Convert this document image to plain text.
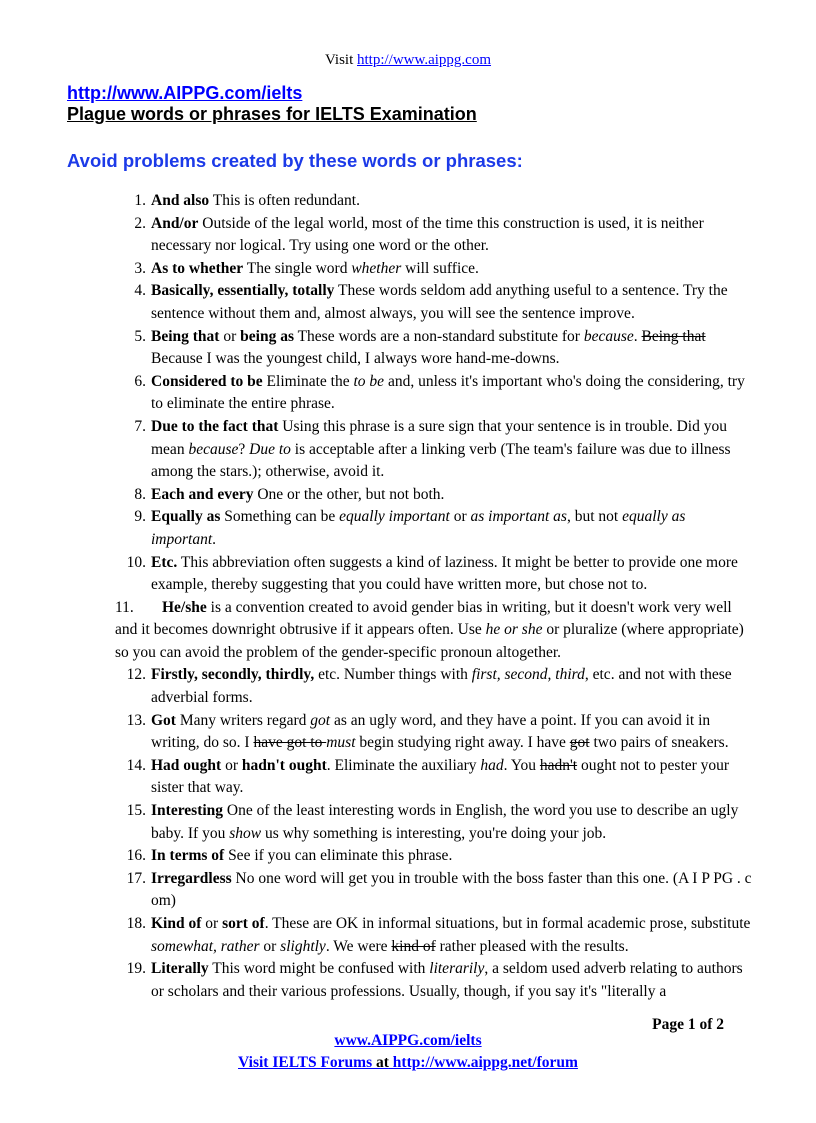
Visit http://www.aippg.com
http://www.AIPPG.com/ielts
Plague words or phrases for IELTS Examination
Avoid problems created by these words or phrases:
1. And also This is often redundant.
2. And/or Outside of the legal world, most of the time this construction is used, it is neither necessary nor logical. Try using one word or the other.
3. As to whether The single word whether will suffice.
4. Basically, essentially, totally These words seldom add anything useful to a sentence. Try the sentence without them and, almost always, you will see the sentence improve.
5. Being that or being as These words are a non-standard substitute for because. Being that Because I was the youngest child, I always wore hand-me-downs.
6. Considered to be Eliminate the to be and, unless it's important who's doing the considering, try to eliminate the entire phrase.
7. Due to the fact that Using this phrase is a sure sign that your sentence is in trouble. Did you mean because? Due to is acceptable after a linking verb (The team's failure was due to illness among the stars.); otherwise, avoid it.
8. Each and every One or the other, but not both.
9. Equally as Something can be equally important or as important as, but not equally as important.
10. Etc. This abbreviation often suggests a kind of laziness. It might be better to provide one more example, thereby suggesting that you could have written more, but chose not to.
11. He/she is a convention created to avoid gender bias in writing, but it doesn't work very well and it becomes downright obtrusive if it appears often. Use he or she or pluralize (where appropriate) so you can avoid the problem of the gender-specific pronoun altogether.
12. Firstly, secondly, thirdly, etc. Number things with first, second, third, etc. and not with these adverbial forms.
13. Got Many writers regard got as an ugly word, and they have a point. If you can avoid it in writing, do so. I have got to must begin studying right away. I have got two pairs of sneakers.
14. Had ought or hadn't ought. Eliminate the auxiliary had. You hadn't ought not to pester your sister that way.
15. Interesting One of the least interesting words in English, the word you use to describe an ugly baby. If you show us why something is interesting, you're doing your job.
16. In terms of See if you can eliminate this phrase.
17. Irregardless No one word will get you in trouble with the boss faster than this one. (A I P PG . c om)
18. Kind of or sort of. These are OK in informal situations, but in formal academic prose, substitute somewhat, rather or slightly. We were kind of rather pleased with the results.
19. Literally This word might be confused with literarily, a seldom used adverb relating to authors or scholars and their various professions. Usually, though, if you say it's "literally a
Page 1 of 2
www.AIPPG.com/ielts
Visit IELTS Forums at http://www.aippg.net/forum
